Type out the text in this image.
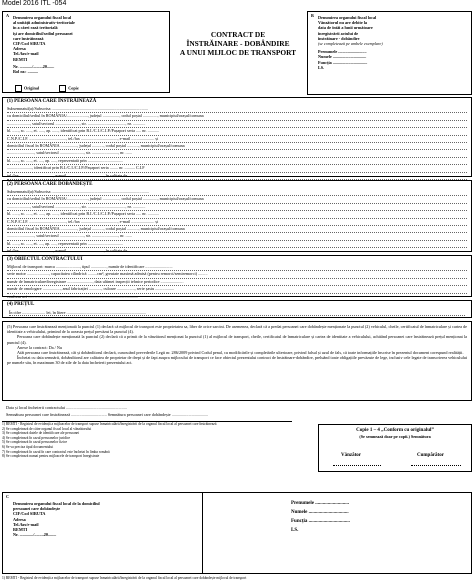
Model 2016 ITL -054
A Denumirea organului fiscal local
al unității administrativ-teritoriale
în a cărei rază teritorială
își are domiciliul/sediul persoanei
care înstrăinează
CIF/Cod SIRUTA
Adresa
Tel./fax/e-mail
REMTI
Nr. ............/.........20.......
Rol nr.: ..........
Original	Copie
CONTRACT DE
ÎNSTRĂINARE - DOBÂNDIRE
A UNUI MIJLOC DE TRANSPORT
B Denumirea organului fiscal local
Vânzătorul nu are debite la
data de întâi a lunii următoare
înregistrării actului de
înstrăinare - dobândire
(se completează pe ambele exemplare)
Prenumele ...........................
Numele ................................
Funcția .................................
LS.
(1) PERSOANA CARE ÎNSTRĂINEAZĂ
Subsemnatul(a)/Subscrisa ............................................................................................
cu domiciliul/sediul în ROMÂNIA/...................., județul ................, codul poștal .............., municipiul/orașul/comuna
......................, satul/sectorul ......................., str. ...................................., nr. ............
bl. ......, sc. ....., et. ....., ap. ......, identificat prin B.I./C.I./C.I.P./Pașaport seria ..... nr. ...........
C.N.P./C.I.F. ..................................., tel./fax ..................................., e-mail ...................... și
domiciliul fiscal în ROMÂNIA ................, județul ..........., codul poștal ..........., municipiul/orașul/comuna
.........................., satul/sectorul ......................., str. ........................., nr. ......
bl. ......, sc. ....., et. ...., ap. ....., reprezentată prin ..................................
........................, identificat prin B.I./C.I./C.I.P./Pașaport seria ........ nr. .......... C.I.F
tel./fax ................................, e-mail ..................................., în calitate de ..............
(2) PERSOANA CARE DOBÂNDEȘTE
Subsemnatul(a)/Subscrisa .............................................................................................
cu domiciliul/sediul în ROMÂNIA/...................., județul ................, codul poștal .............., municipiul/orașul/comuna
......................, satul/sectorul ......................., str. ...................................., nr. ............
bl. ......, sc. ....., et. ....., ap. ......, identificat prin B.I./C.I./C.I.P./Pașaport seria ..... nr. ...........
C.N.P./C.I.F. ..................................., tel./fax ..................................., e-mail ...................... și
domiciliul fiscal în ROMÂNIA ................, județul ..........., codul poștal ..........., municipiul/orașul/comuna
.........................., satul/sectorul ......................., str. ........................., nr. ......
bl. ......, sc. ....., et. ...., ap. ....., reprezentată prin ..................................
tel./fax ................................, e-mail ..................................., în calitate de ..............
(3) OBIECTUL CONTRACTULUI
Mijlocul de transport: marca ......................., tipul ..............., număr de identificare ..........................
serie motor ....................., capacitatea cilindrică .........cm³, greutate maximă admisă (pentru remorci/semiremorci) .........
număr de înmatriculare/înregistrare ........................, data ultimei inspecții tehnice periodice ......................
număr de omologare ................., anul fabricației ............, culoare ................., serie șasiu ..................
conform act .........................................................................................................
(4) PREȚUL
În cifre ...................... lei, în litere ............................................................................
(5) Persoana care înstrăinează menționată la punctul (1) declară că mijlocul de transport este proprietatea sa, liber de orice sarcini. De asemenea, declară că a predat persoanei care dobândește menționate la punctul (2) vehiculul, cheile, certificatul de înmatriculare și cartea de identitate a vehiculului, primind de la aceasta prețul prevăzut la punctul (4).
Persoana care dobândește menționată la punctul (2) declară că a primit de la vânzătorul menționat la punctul (1) al mijlocul de transport, cheile, certificatul de înmatriculare și cartea de identitate a vehiculului, achitând persoanei care înstrăinează prețul menționat la punctul (4).
Anexe la contract: Da / Nu
Atât persoana care înstrăinează, cât și dobânditorul declară, cunoscând prevederile Legii nr. 286/2009 privind Codul penal, cu modificările și completările ulterioare, privind falsul și uzul de fals, că toate informațiile înscrise în prezentul document corespund realității.
Încheiat cu data semnării, dobânditorul are calitatea de proprietar de drept și de fapt asupra mijlocului de transport ce face obiectul prezentului contract de înstrăinare-dobândire, preluând toate obligațiile prevăzute de lege, inclusiv cele legate de transcrierea vehiculului pe numele său, în maximum 30 de zile de la data încheierii prezentului act.
Data și locul încheierii contractului ..........................................................
Semnătura persoanei care înstrăinează .................................. Semnătura persoanei care dobândește ...................................
1) REMTI - Registrul de evidență a mijloacelor de transport supuse înmatriculării/înregistrării de la organul fiscal local al persoanei care înstrăinează
2) Se completează de către organul fiscal local al vânzătorului
3) Se completează datele de identificare ale persoanei
4) Se completează în cazul persoanelor juridice
5) Se completează în cazul persoanelor fizice
6) Se va preciza tipul documentului
7) Se completează în cazul în care contractul este încheiat în limba română
8) Se completează numai pentru mijloacele de transport înregistrate
Copie 1 – 4 „Conform cu originalul”
(Se semnează doar pe copii.) Semnătura
Vânzător	Cumpărător
C
Denumirea organului fiscal local de la domiciliul
persoanei care dobândește
CIF/Cod SIRUTA
Adresa
Tel./fax/e-mail
REMTI
Nr. ............./.........20........
Prenumele ...........................
Numele ................................
Funcția .................................
LS.
1) REMTI - Registrul de evidență a mijloacelor de transport supuse înmatriculării/înregistrării de la organul fiscal local al persoanei care dobândește mijlocul de transport
